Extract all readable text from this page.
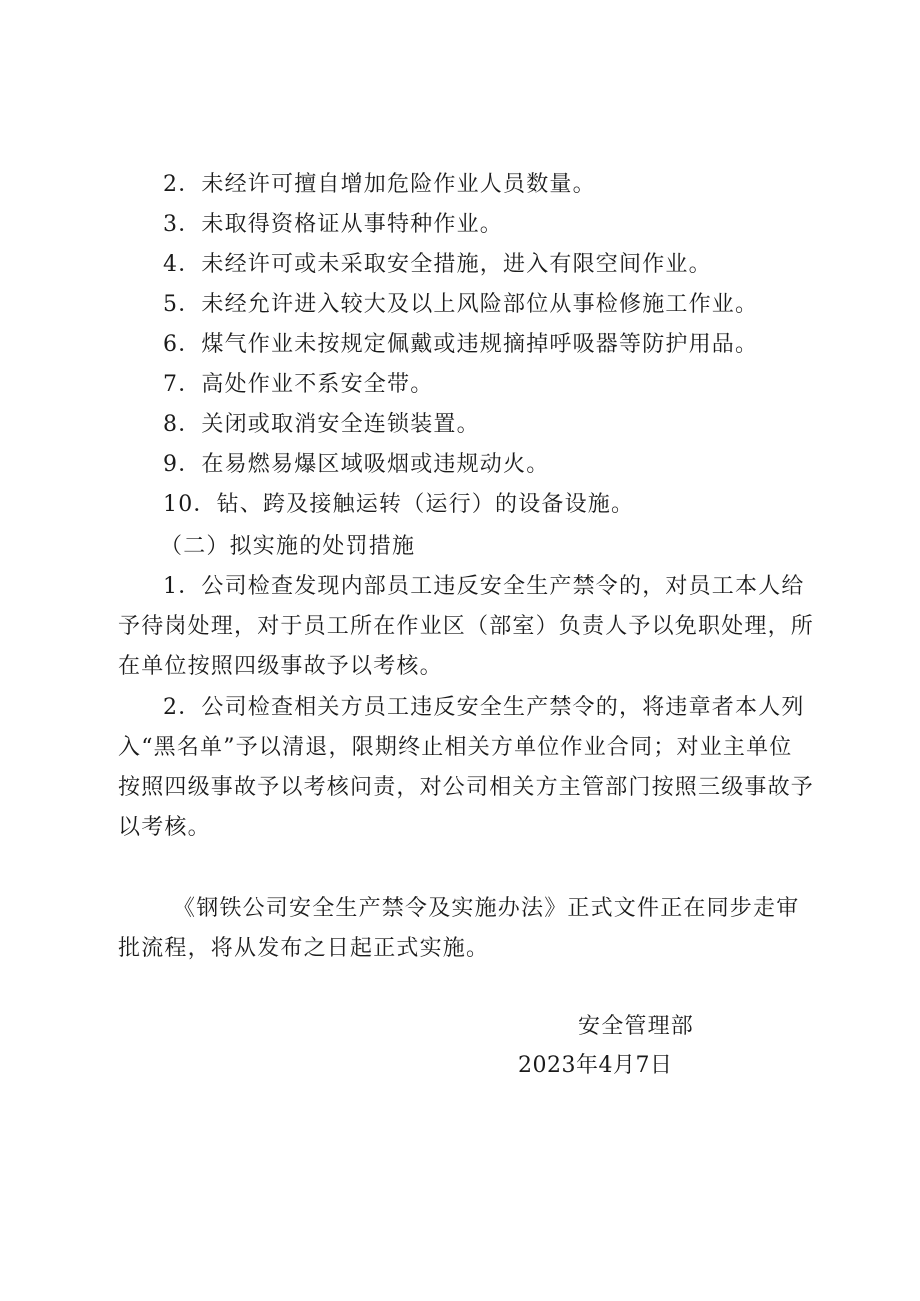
2．未经许可擅自增加危险作业人员数量。
3．未取得资格证从事特种作业。
4．未经许可或未采取安全措施，进入有限空间作业。
5．未经允许进入较大及以上风险部位从事检修施工作业。
6．煤气作业未按规定佩戴或违规摘掉呼吸器等防护用品。
7．高处作业不系安全带。
8．关闭或取消安全连锁装置。
9．在易燃易爆区域吸烟或违规动火。
10．钻、跨及接触运转（运行）的设备设施。
（二）拟实施的处罚措施
1．公司检查发现内部员工违反安全生产禁令的，对员工本人给
予待岗处理，对于员工所在作业区（部室）负责人予以免职处理，所
在单位按照四级事故予以考核。
2．公司检查相关方员工违反安全生产禁令的，将违章者本人列
入“黑名单”予以清退，限期终止相关方单位作业合同；对业主单位
按照四级事故予以考核问责，对公司相关方主管部门按照三级事故予
以考核。
《钢铁公司安全生产禁令及实施办法》正式文件正在同步走审
批流程，将从发布之日起正式实施。
安全管理部
2023年4月7日
